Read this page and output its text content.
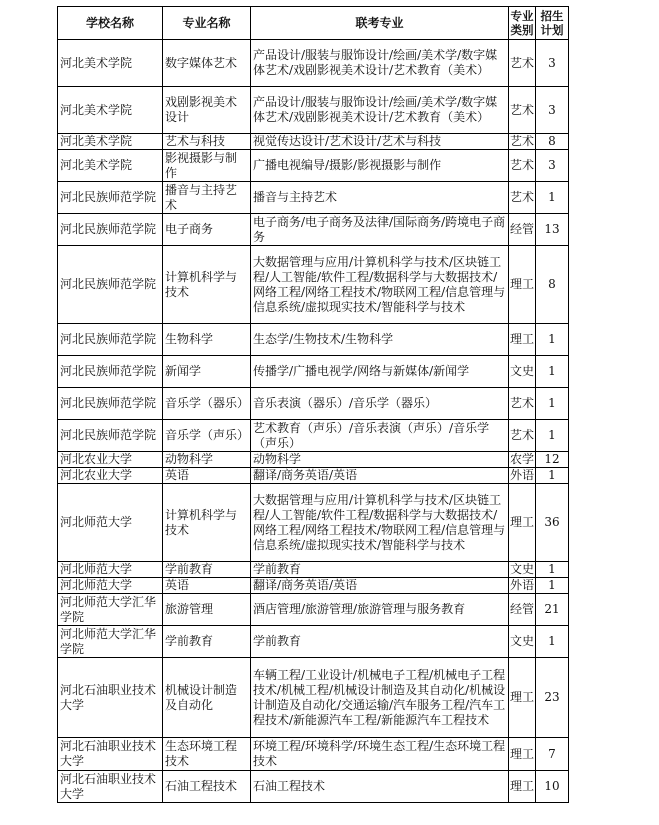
学校名称	专业名称	联考专业	专业类别	招生计划
河北美术学院	数字媒体艺术	产品设计/服装与服饰设计/绘画/美术学/数字媒体艺术/戏剧影视美术设计/艺术教育（美术）	艺术	3
河北美术学院	戏剧影视美术设计	产品设计/服装与服饰设计/绘画/美术学/数字媒体艺术/戏剧影视美术设计/艺术教育（美术）	艺术	3
河北美术学院	艺术与科技	视觉传达设计/艺术设计/艺术与科技	艺术	8
河北美术学院	影视摄影与制作	广播电视编导/摄影/影视摄影与制作	艺术	3
河北民族师范学院	播音与主持艺术	播音与主持艺术	艺术	1
河北民族师范学院	电子商务	电子商务/电子商务及法律/国际商务/跨境电子商务	经管	13
河北民族师范学院	计算机科学与技术	大数据管理与应用/计算机科学与技术/区块链工程/人工智能/软件工程/数据科学与大数据技术/网络工程/网络工程技术/物联网工程/信息管理与信息系统/虚拟现实技术/智能科学与技术	理工	8
河北民族师范学院	生物科学	生态学/生物技术/生物科学	理工	1
河北民族师范学院	新闻学	传播学/广播电视学/网络与新媒体/新闻学	文史	1
河北民族师范学院	音乐学（器乐）	音乐表演（器乐）/音乐学（器乐）	艺术	1
河北民族师范学院	音乐学（声乐）	艺术教育（声乐）/音乐表演（声乐）/音乐学（声乐）	艺术	1
河北农业大学	动物科学	动物科学	农学	12
河北农业大学	英语	翻译/商务英语/英语	外语	1
河北师范大学	计算机科学与技术	大数据管理与应用/计算机科学与技术/区块链工程/人工智能/软件工程/数据科学与大数据技术/网络工程/网络工程技术/物联网工程/信息管理与信息系统/虚拟现实技术/智能科学与技术	理工	36
河北师范大学	学前教育	学前教育	文史	1
河北师范大学	英语	翻译/商务英语/英语	外语	1
河北师范大学汇华学院	旅游管理	酒店管理/旅游管理/旅游管理与服务教育	经管	21
河北师范大学汇华学院	学前教育	学前教育	文史	1
河北石油职业技术大学	机械设计制造及自动化	车辆工程/工业设计/机械电子工程/机械电子工程技术/机械工程/机械设计制造及其自动化/机械设计制造及自动化/交通运输/汽车服务工程/汽车工程技术/新能源汽车工程/新能源汽车工程技术	理工	23
河北石油职业技术大学	生态环境工程技术	环境工程/环境科学/环境生态工程/生态环境工程技术	理工	7
河北石油职业技术大学	石油工程技术	石油工程技术	理工	10
